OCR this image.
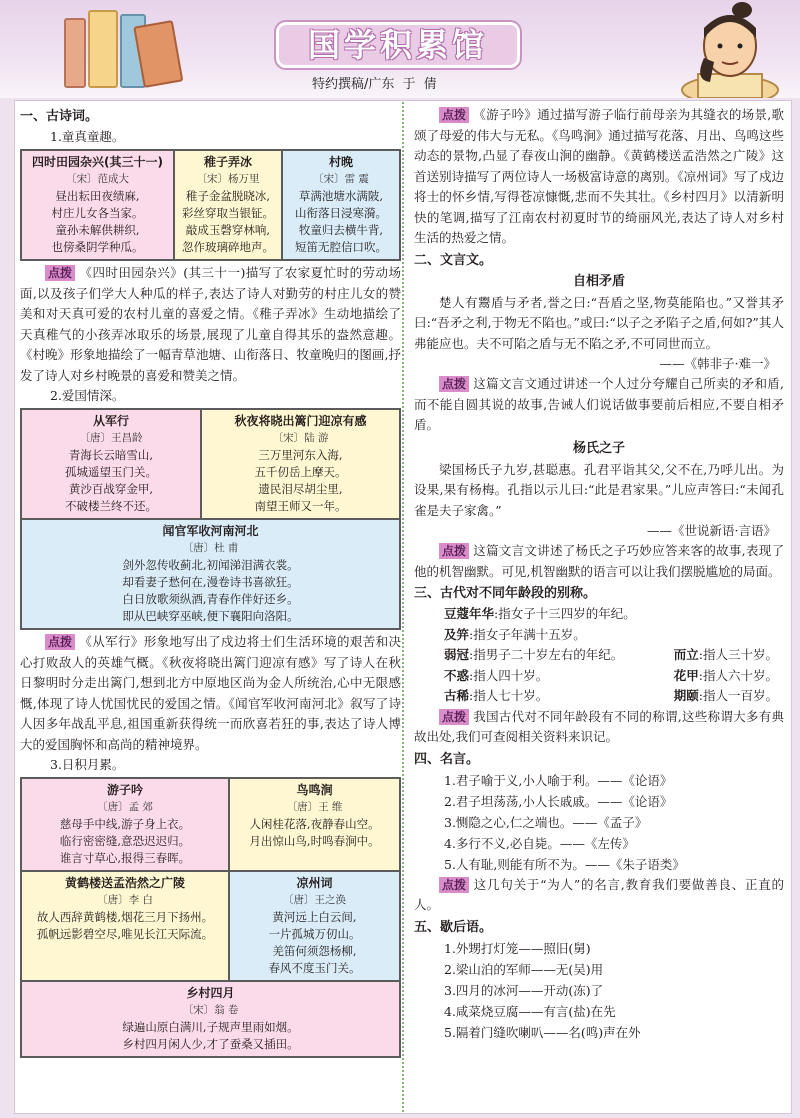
国学积累馆
特约撰稿/广东 于 倩
一、古诗词。
1.童真童趣。
四时田园杂兴(其三十一)
〔宋〕范成大
昼出耘田夜绩麻,
村庄儿女各当家。
童孙未解供耕织,
也傍桑阴学种瓜。
稚子弄冰
〔宋〕杨万里
稚子金盆脱晓冰,
彩丝穿取当银钲。
敲成玉磬穿林响,
忽作玻璃碎地声。
村晚
〔宋〕雷 震
草满池塘水满陂,
山衔落日浸寒漪。
牧童归去横牛背,
短笛无腔信口吹。
点拨 《四时田园杂兴》(其三十一)描写了农家夏忙时的劳动场面,以及孩子们学大人种瓜的样子,表达了诗人对勤劳的村庄儿女的赞美和对天真可爱的农村儿童的喜爱之情。《稚子弄冰》生动地描绘了天真稚气的小孩弄冰取乐的场景,展现了儿童自得其乐的盎然意趣。《村晚》形象地描绘了一幅青草池塘、山衔落日、牧童晚归的图画,抒发了诗人对乡村晚景的喜爱和赞美之情。
2.爱国情深。
从军行
〔唐〕王昌龄
青海长云暗雪山,
孤城遥望玉门关。
黄沙百战穿金甲,
不破楼兰终不还。
秋夜将晓出篱门迎凉有感
〔宋〕陆 游
三万里河东入海,
五千仞岳上摩天。
遗民泪尽胡尘里,
南望王师又一年。
闻官军收河南河北
〔唐〕杜 甫
剑外忽传收蓟北,初闻涕泪满衣裳。
却看妻子愁何在,漫卷诗书喜欲狂。
白日放歌须纵酒,青春作伴好还乡。
即从巴峡穿巫峡,便下襄阳向洛阳。
点拨 《从军行》形象地写出了戍边将士们生活环境的艰苦和决心打败敌人的英雄气概。《秋夜将晓出篱门迎凉有感》写了诗人在秋日黎明时分走出篱门,想到北方中原地区尚为金人所统治,心中无限感慨,体现了诗人忧国忧民的爱国之情。《闻官军收河南河北》叙写了诗人因多年战乱平息,祖国重新获得统一而欣喜若狂的事,表达了诗人博大的爱国胸怀和高尚的精神境界。
3.日积月累。
游子吟
〔唐〕孟 郊
慈母手中线,游子身上衣。
临行密密缝,意恐迟迟归。
谁言寸草心,报得三春晖。
鸟鸣涧
〔唐〕王 维
人闲桂花落,夜静春山空。
月出惊山鸟,时鸣春涧中。
黄鹤楼送孟浩然之广陵
〔唐〕李 白
故人西辞黄鹤楼,烟花三月下扬州。
孤帆远影碧空尽,唯见长江天际流。
凉州词
〔唐〕王之涣
黄河远上白云间,
一片孤城万仞山。
羌笛何须怨杨柳,
春风不度玉门关。
乡村四月
〔宋〕翁 卷
绿遍山原白满川,子规声里雨如烟。
乡村四月闲人少,才了蚕桑又插田。
点拨 《游子吟》通过描写游子临行前母亲为其缝衣的场景,歌颂了母爱的伟大与无私。《鸟鸣涧》通过描写花落、月出、鸟鸣这些动态的景物,凸显了春夜山涧的幽静。《黄鹤楼送孟浩然之广陵》这首送别诗描写了两位诗人一场极富诗意的离别。《凉州词》写了戍边将士的怀乡情,写得苍凉慷慨,悲而不失其壮。《乡村四月》以清新明快的笔调,描写了江南农村初夏时节的绮丽风光,表达了诗人对乡村生活的热爱之情。
二、文言文。
自相矛盾
楚人有鬻盾与矛者,誉之曰:“吾盾之坚,物莫能陷也。”又誉其矛曰:“吾矛之利,于物无不陷也。”或曰:“以子之矛陷子之盾,何如?”其人弗能应也。夫不可陷之盾与无不陷之矛,不可同世而立。
——《韩非子·难一》
点拨 这篇文言文通过讲述一个人过分夸耀自己所卖的矛和盾,而不能自圆其说的故事,告诫人们说话做事要前后相应,不要自相矛盾。
杨氏之子
梁国杨氏子九岁,甚聪惠。孔君平诣其父,父不在,乃呼儿出。为设果,果有杨梅。孔指以示儿曰:“此是君家果。”儿应声答曰:“未闻孔雀是夫子家禽。”
——《世说新语·言语》
点拨 这篇文言文讲述了杨氏之子巧妙应答来客的故事,表现了他的机智幽默。可见,机智幽默的语言可以让我们摆脱尴尬的局面。
三、古代对不同年龄段的别称。
豆蔻年华:指女子十三四岁的年纪。
及笄:指女子年满十五岁。
弱冠:指男子二十岁左右的年纪。	而立:指人三十岁。
不惑:指人四十岁。	花甲:指人六十岁。
古稀:指人七十岁。	期颐:指人一百岁。
点拨 我国古代对不同年龄段有不同的称谓,这些称谓大多有典故出处,我们可查阅相关资料来识记。
四、名言。
1.君子喻于义,小人喻于利。——《论语》
2.君子坦荡荡,小人长戚戚。——《论语》
3.恻隐之心,仁之端也。——《孟子》
4.多行不义,必自毙。——《左传》
5.人有耻,则能有所不为。——《朱子语类》
点拨 这几句关于“为人”的名言,教育我们要做善良、正直的人。
五、歇后语。
1.外甥打灯笼——照旧(舅)
2.梁山泊的军师——无(吴)用
3.四月的冰河——开动(冻)了
4.咸菜烧豆腐——有言(盐)在先
5.隔着门缝吹喇叭——名(鸣)声在外
